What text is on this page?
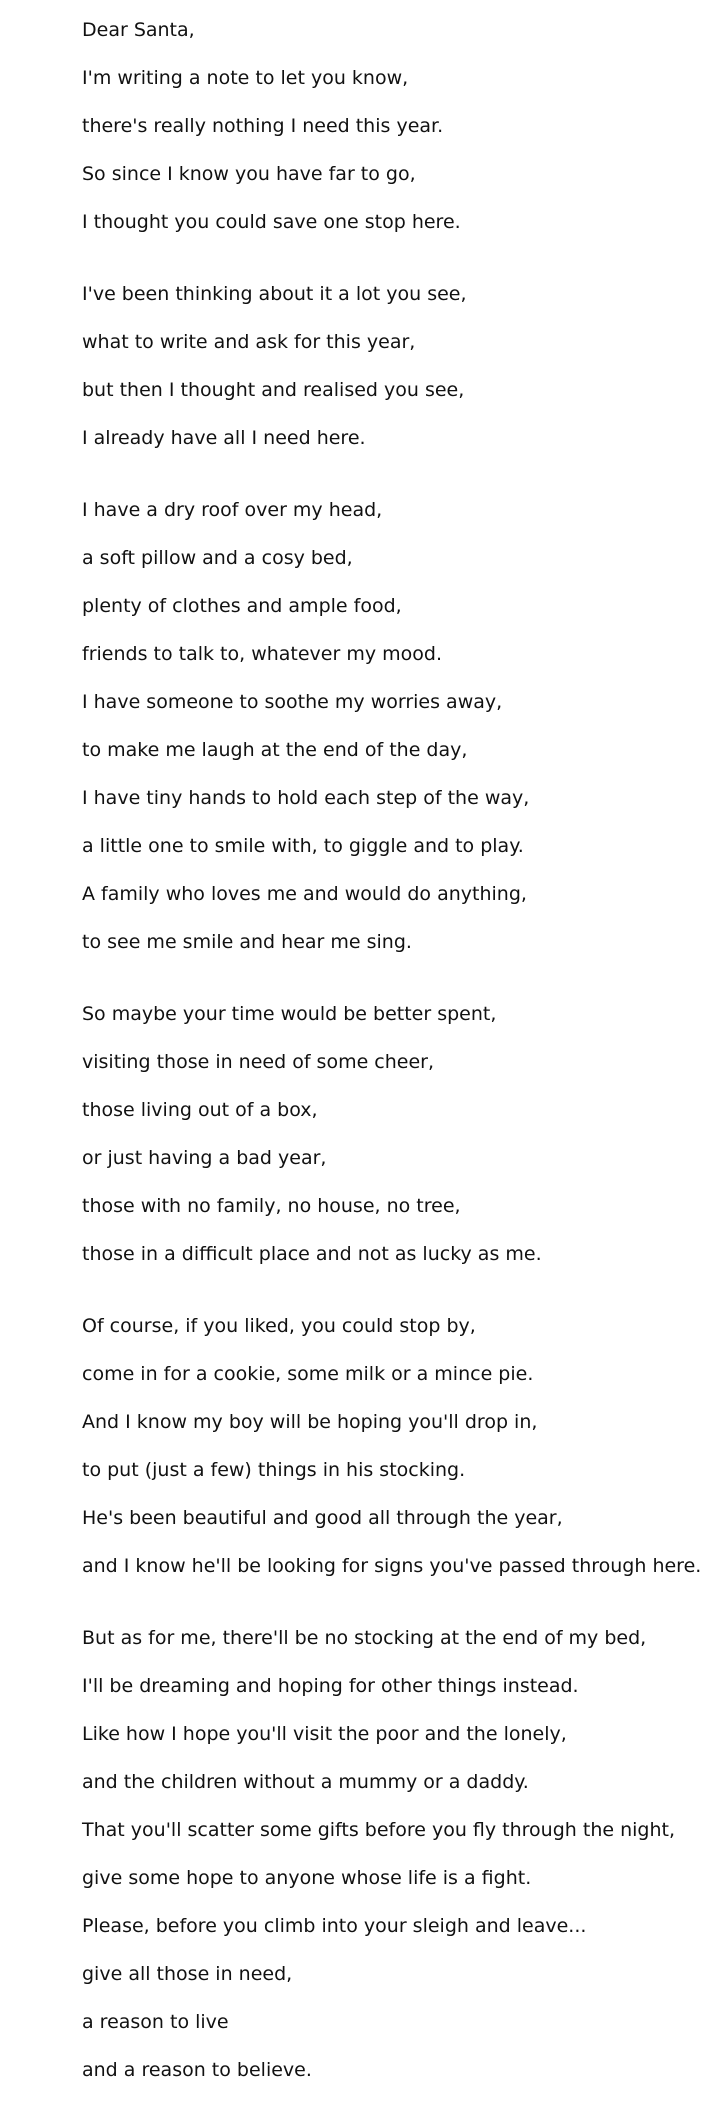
Dear Santa,
I'm writing a note to let you know,
there's really nothing I need this year.
So since I know you have far to go,
I thought you could save one stop here.
I've been thinking about it a lot you see,
what to write and ask for this year,
but then I thought and realised you see,
I already have all I need here.
I have a dry roof over my head,
a soft pillow and a cosy bed,
plenty of clothes and ample food,
friends to talk to, whatever my mood.
I have someone to soothe my worries away,
to make me laugh at the end of the day,
I have tiny hands to hold each step of the way,
a little one to smile with, to giggle and to play.
A family who loves me and would do anything,
to see me smile and hear me sing.
So maybe your time would be better spent,
visiting those in need of some cheer,
those living out of a box,
or just having a bad year,
those with no family, no house, no tree,
those in a difficult place and not as lucky as me.
Of course, if you liked, you could stop by,
come in for a cookie, some milk or a mince pie.
And I know my boy will be hoping you'll drop in,
to put (just a few) things in his stocking.
He's been beautiful and good all through the year,
and I know he'll be looking for signs you've passed through here.
But as for me, there'll be no stocking at the end of my bed,
I'll be dreaming and hoping for other things instead.
Like how I hope you'll visit the poor and the lonely,
and the children without a mummy or a daddy.
That you'll scatter some gifts before you fly through the night,
give some hope to anyone whose life is a fight.
Please, before you climb into your sleigh and leave...
give all those in need,
a reason to live
and a reason to believe.
